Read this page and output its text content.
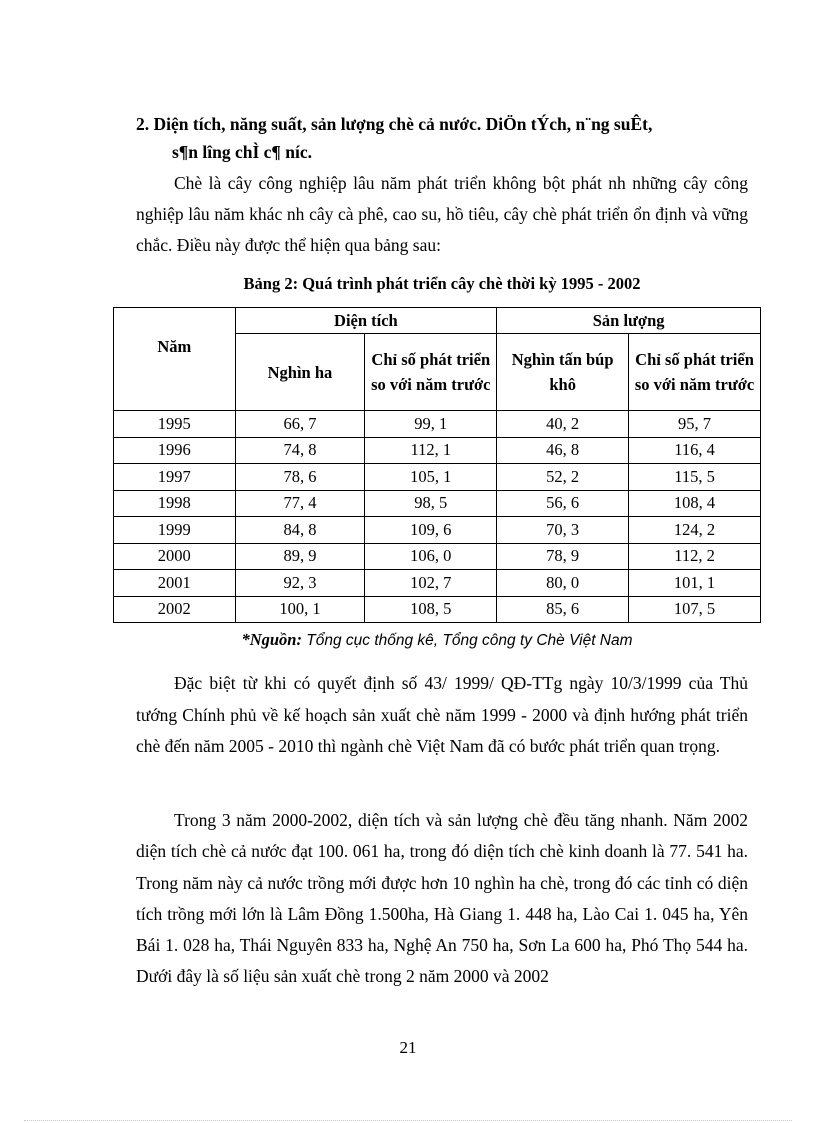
2. Diện tích, năng suất, sản lượng chè cả nước. DiÖn tÝch, n¨ng suÊt,
s¶n lîng chÌ c¶ níc.

Chè là cây công nghiệp lâu năm phát triển không bột phát nh những cây công nghiệp lâu năm khác nh cây cà phê, cao su, hồ tiêu, cây chè phát triển ổn định và vững chắc. Điều này được thể hiện qua bảng sau:

Bảng 2: Quá trình phát triển cây chè thời kỳ 1995 - 2002

Năm	Diện tích		Sản lượng	
	Nghìn ha	Chỉ số phát triển so với năm trước	Nghìn tấn búp khô	Chỉ số phát triển so với năm trước
1995	66, 7	99, 1	40, 2	95, 7
1996	74, 8	112, 1	46, 8	116, 4
1997	78, 6	105, 1	52, 2	115, 5
1998	77, 4	98, 5	56, 6	108, 4
1999	84, 8	109, 6	70, 3	124, 2
2000	89, 9	106, 0	78, 9	112, 2
2001	92, 3	102, 7	80, 0	101, 1
2002	100, 1	108, 5	85, 6	107, 5

*Nguồn: Tổng cục thống kê, Tổng công ty Chè Việt Nam

Đặc biệt từ khi có quyết định số 43/ 1999/ QĐ-TTg ngày 10/3/1999 của Thủ tướng Chính phủ về kế hoạch sản xuất chè năm 1999 - 2000 và định hướng phát triển chè đến năm 2005 - 2010 thì ngành chè Việt Nam đã có bước phát triển quan trọng.

Trong 3 năm 2000-2002, diện tích và sản lượng chè đều tăng nhanh. Năm 2002 diện tích chè cả nước đạt 100. 061 ha, trong đó diện tích chè kinh doanh là 77. 541 ha. Trong năm này cả nước trồng mới được hơn 10 nghìn ha chè, trong đó các tỉnh có diện tích trồng mới lớn là Lâm Đồng 1.500ha, Hà Giang 1. 448 ha, Lào Cai 1. 045 ha, Yên Bái 1. 028 ha, Thái Nguyên 833 ha, Nghệ An 750 ha, Sơn La 600 ha, Phó Thọ 544 ha. Dưới đây là số liệu sản xuất chè trong 2 năm 2000 và 2002

21
